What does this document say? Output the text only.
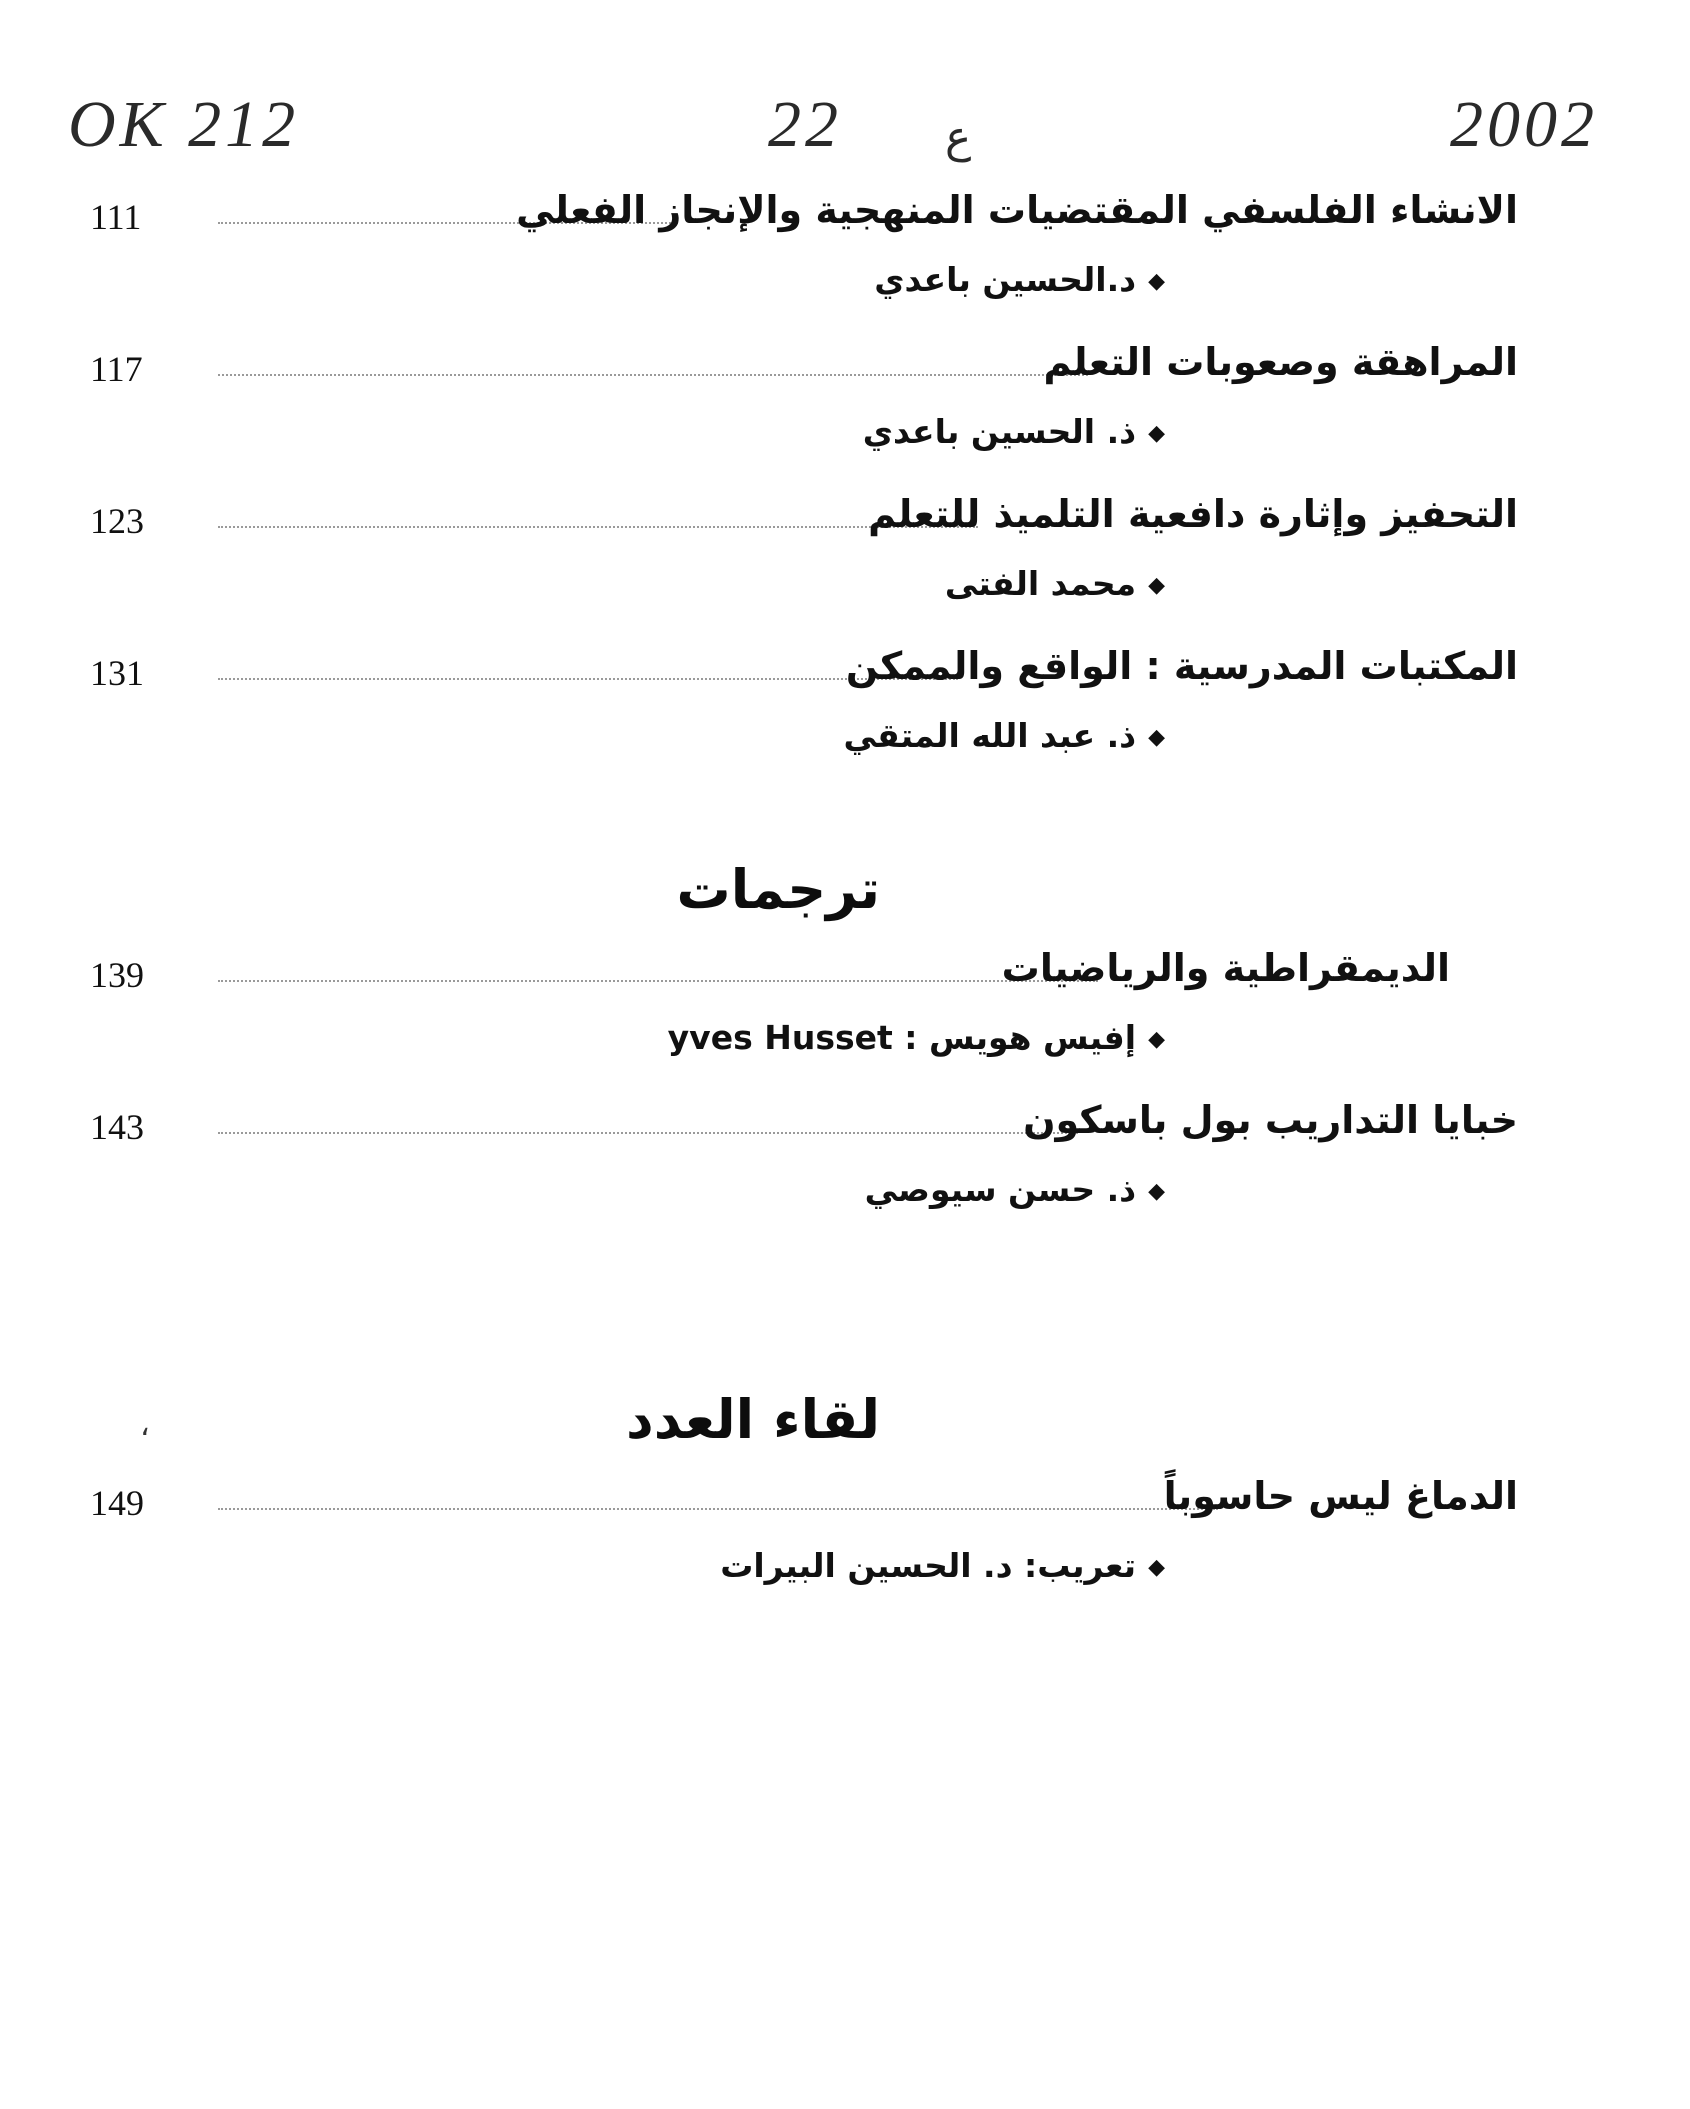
OK 212	22 ع	2002
111	الانشاء الفلسفي المقتضيات المنهجية والإنجاز الفعلي
◆د.الحسين باعدي
117	المراهقة وصعوبات التعلم
◆ذ. الحسين باعدي
123	التحفيز وإثارة دافعية التلميذ للتعلم
◆محمد الفتى
131	المكتبات المدرسية : الواقع والممكن
◆ذ. عبد الله المتقي
ترجمات
139	الديمقراطية والرياضيات
◆إفيس هويس : yves Husset
143	خبايا التداريب بول باسكون
◆ذ. حسن سيوصي
،	لقاء العدد
149	الدماغ ليس حاسوباً
◆تعريب: د. الحسين البيرات
